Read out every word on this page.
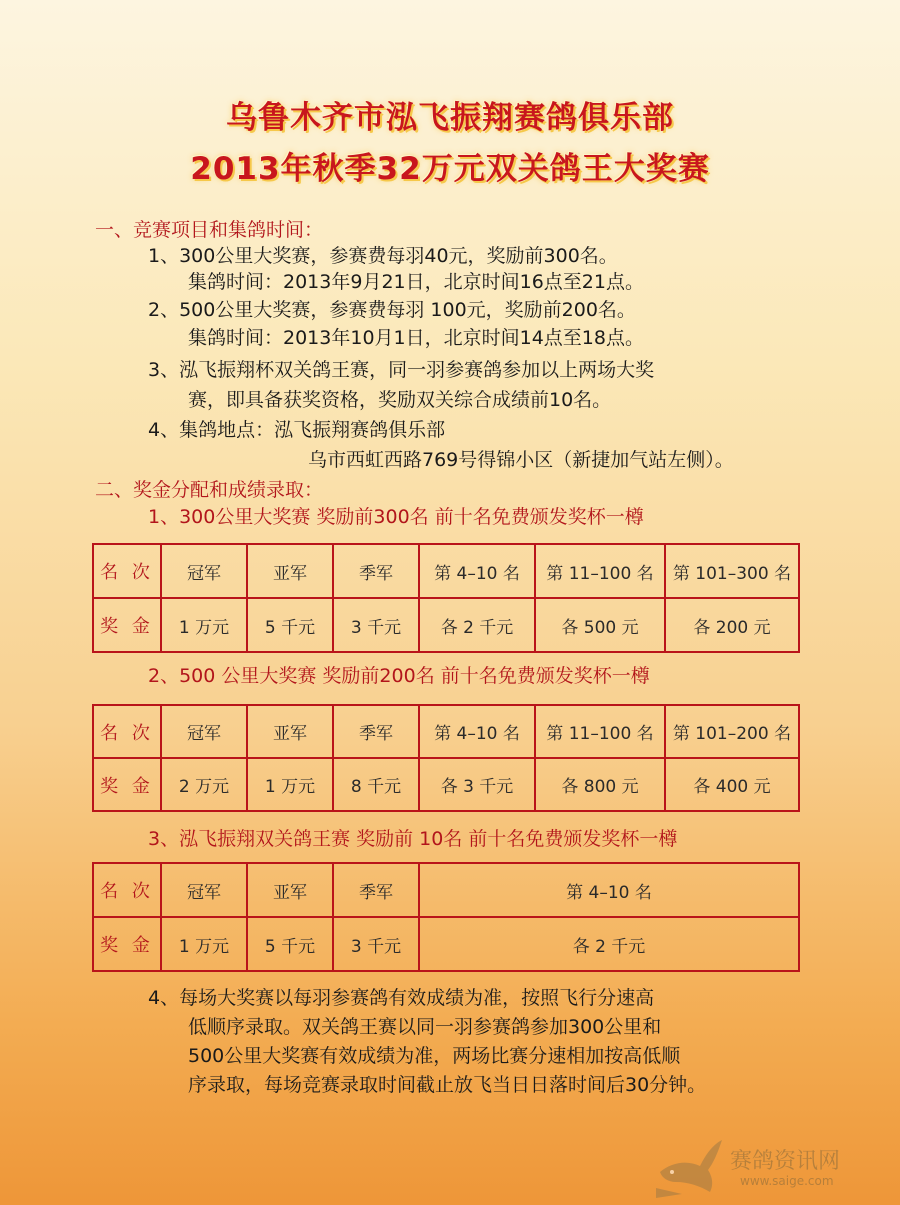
乌鲁木齐市泓飞振翔赛鸽俱乐部
2013年秋季32万元双关鸽王大奖赛
一、竞赛项目和集鸽时间：
1、300公里大奖赛，参赛费每羽40元，奖励前300名。
集鸽时间：2013年9月21日，北京时间16点至21点。
2、500公里大奖赛，参赛费每羽 100元，奖励前200名。
集鸽时间：2013年10月1日，北京时间14点至18点。
3、泓飞振翔杯双关鸽王赛，同一羽参赛鸽参加以上两场大奖
赛，即具备获奖资格，奖励双关综合成绩前10名。
4、集鸽地点：泓飞振翔赛鸽俱乐部
乌市西虹西路769号得锦小区（新捷加气站左侧）。
二、奖金分配和成绩录取：
1、300公里大奖赛 奖励前300名 前十名免费颁发奖杯一樽
名 次	冠军	亚军	季军	第 4–10 名	第 11–100 名	第 101–300 名
奖 金	1 万元	5 千元	3 千元	各 2 千元	各 500 元	各 200 元
2、500 公里大奖赛 奖励前200名 前十名免费颁发奖杯一樽
名 次	冠军	亚军	季军	第 4–10 名	第 11–100 名	第 101–200 名
奖 金	2 万元	1 万元	8 千元	各 3 千元	各 800 元	各 400 元
3、泓飞振翔双关鸽王赛 奖励前 10名 前十名免费颁发奖杯一樽
名 次	冠军	亚军	季军	第 4–10 名
奖 金	1 万元	5 千元	3 千元	各 2 千元
4、每场大奖赛以每羽参赛鸽有效成绩为准，按照飞行分速高
低顺序录取。双关鸽王赛以同一羽参赛鸽参加300公里和
500公里大奖赛有效成绩为准，两场比赛分速相加按高低顺
序录取，每场竞赛录取时间截止放飞当日日落时间后30分钟。
赛鸽资讯网
www.saige.com
